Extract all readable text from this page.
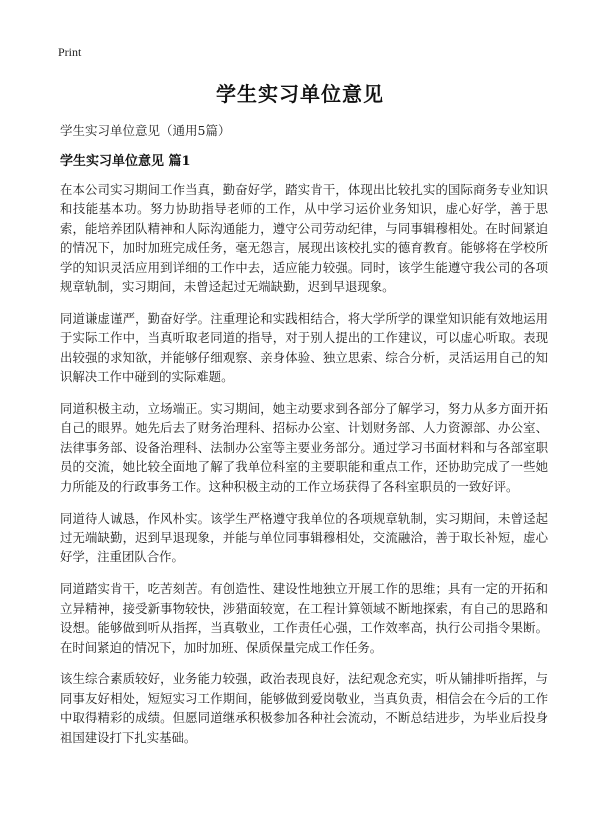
Print
学生实习单位意见
学生实习单位意见（通用5篇）
学生实习单位意见 篇1

在本公司实习期间工作当真，勤奋好学，踏实肯干，体现出比较扎实的国际商务专业知识和技能基本功。努力协助指导老师的工作，从中学习运价业务知识，虚心好学，善于思索，能培养团队精神和人际沟通能力，遵守公司劳动纪律，与同事辑穆相处。在时间紧迫的情况下，加时加班完成任务，毫无怨言，展现出该校扎实的德育教育。能够将在学校所学的知识灵活应用到详细的工作中去，适应能力较强。同时，该学生能遵守我公司的各项规章轨制，实习期间，未曾迳起过无端缺勤，迟到早退现象。

同道谦虚谨严，勤奋好学。注重理论和实践相结合，将大学所学的课堂知识能有效地运用于实际工作中，当真听取老同道的指导，对于别人提出的工作建议，可以虚心听取。表现出较强的求知欲，并能够仔细观察、亲身体验、独立思索、综合分析，灵活运用自己的知识解决工作中碰到的实际难题。

同道积极主动，立场端正。实习期间，她主动要求到各部分了解学习，努力从多方面开拓自己的眼界。她先后去了财务治理科、招标办公室、计划财务部、人力资源部、办公室、法律事务部、设备治理科、法制办公室等主要业务部分。通过学习书面材料和与各部室职员的交流，她比较全面地了解了我单位科室的主要职能和重点工作，还协助完成了一些她力所能及的行政事务工作。这种积极主动的工作立场获得了各科室职员的一致好评。

同道待人诚恳，作风朴实。该学生严格遵守我单位的各项规章轨制，实习期间，未曾迳起过无端缺勤，迟到早退现象，并能与单位同事辑穆相处，交流融洽，善于取长补短，虚心好学，注重团队合作。

同道踏实肯干，吃苦刻苦。有创造性、建设性地独立开展工作的思维；具有一定的开拓和立异精神，接受新事物较快，涉猎面较宽，在工程计算领域不断地探索，有自己的思路和设想。能够做到听从指挥，当真敬业，工作责任心强，工作效率高，执行公司指令果断。在时间紧迫的情况下，加时加班、保质保量完成工作任务。

该生综合素质较好，业务能力较强，政治表现良好，法纪观念充实，听从铺排听指挥，与同事友好相处，短短实习工作期间，能够做到爱岗敬业，当真负责，相信会在今后的工作中取得精彩的成绩。但愿同道继承积极参加各种社会流动，不断总结进步，为毕业后投身祖国建设打下扎实基础。
